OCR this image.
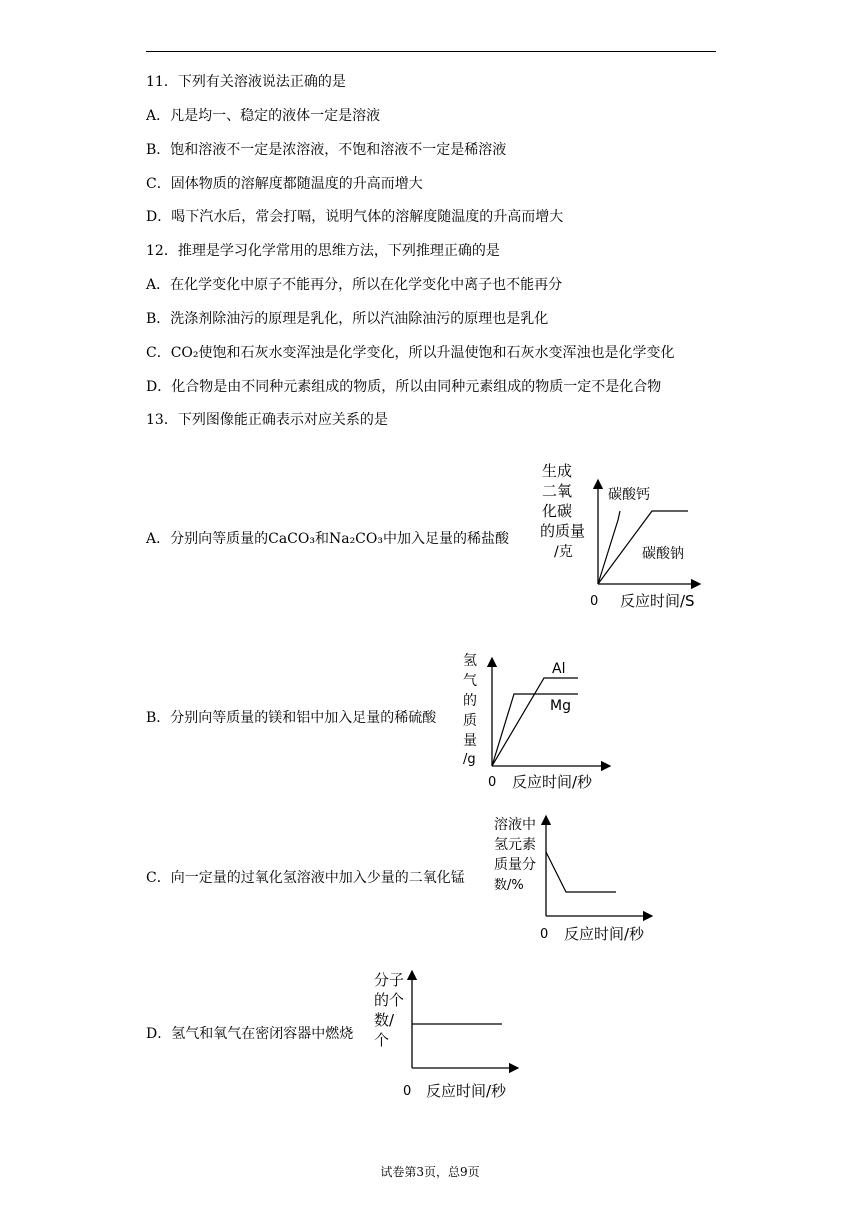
11．下列有关溶液说法正确的是
A．凡是均一、稳定的液体一定是溶液
B．饱和溶液不一定是浓溶液，不饱和溶液不一定是稀溶液
C．固体物质的溶解度都随温度的升高而增大
D．喝下汽水后，常会打嗝，说明气体的溶解度随温度的升高而增大
12．推理是学习化学常用的思维方法，下列推理正确的是
A．在化学变化中原子不能再分，所以在化学变化中离子也不能再分
B．洗涤剂除油污的原理是乳化，所以汽油除油污的原理也是乳化
C．CO₂使饱和石灰水变浑浊是化学变化，所以升温使饱和石灰水变浑浊也是化学变化
D．化合物是由不同种元素组成的物质，所以由同种元素组成的物质一定不是化合物
13．下列图像能正确表示对应关系的是
A．分别向等质量的CaCO₃和Na₂CO₃中加入足量的稀盐酸
生成
二氧
化碳
的质量
/克
碳酸钙
碳酸钠
0 反应时间/S
B．分别向等质量的镁和铝中加入足量的稀硫酸
氢
气
的
质
量
/g
Al
Mg
0 反应时间/秒
C．向一定量的过氧化氢溶液中加入少量的二氧化锰
溶液中
氢元素
质量分
数/%
0 反应时间/秒
D．氢气和氧气在密闭容器中燃烧
分子
的个
数/
个
0 反应时间/秒
试卷第3页，总9页
